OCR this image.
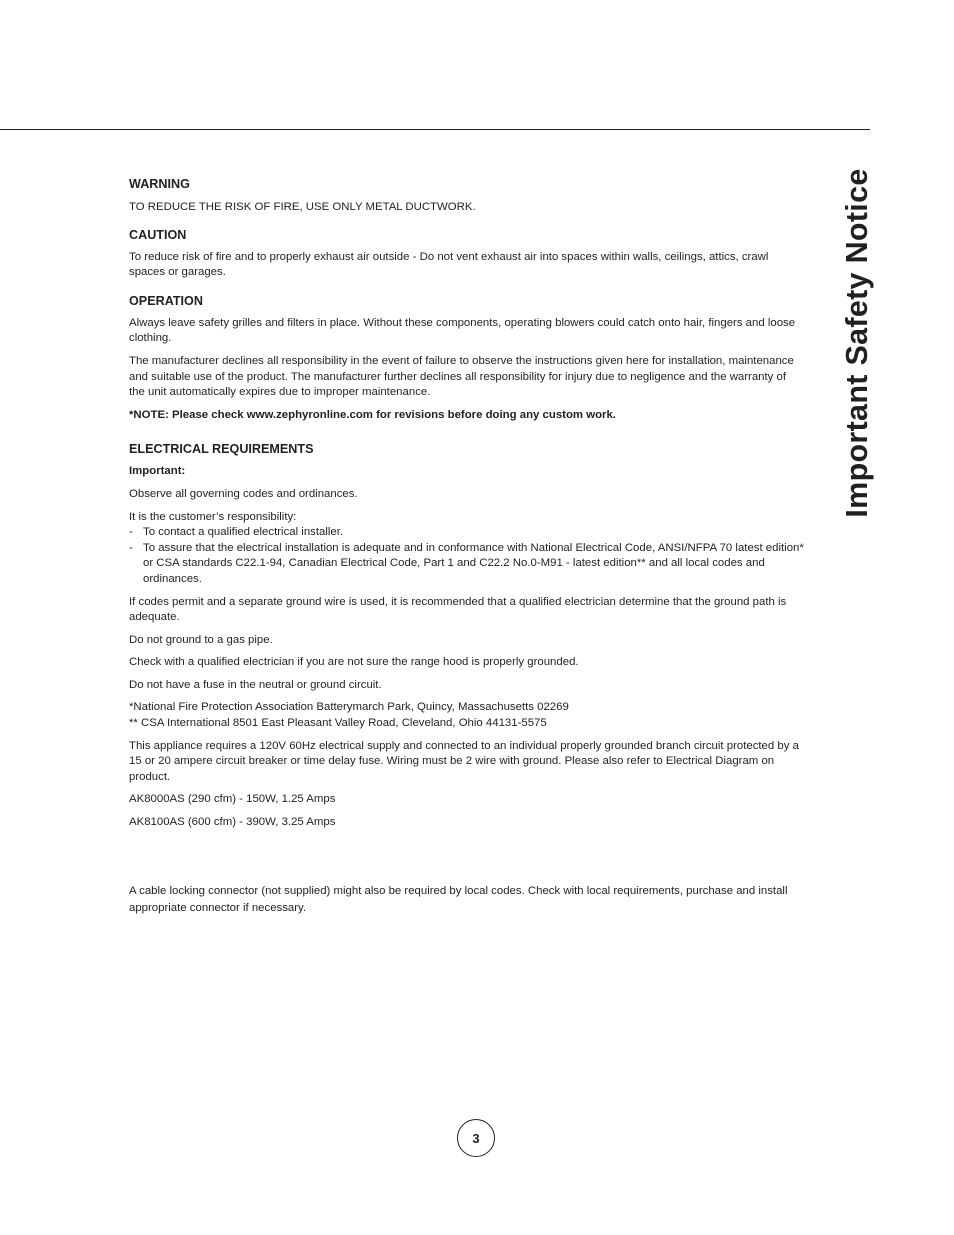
Important Safety Notice
WARNING

TO REDUCE THE RISK OF FIRE, USE ONLY METAL DUCTWORK.

CAUTION

To reduce risk of fire and to properly exhaust air outside - Do not vent exhaust air into spaces within walls, ceilings, attics, crawl spaces or garages.

OPERATION

Always leave safety grilles and filters in place. Without these components, operating blowers could catch onto hair, fingers and loose clothing.

The manufacturer declines all responsibility in the event of failure to observe the instructions given here for installation, maintenance and suitable use of the product. The manufacturer further declines all responsibility for injury due to negligence and the warranty of the unit automatically expires due to improper maintenance.

*NOTE: Please check www.zephyronline.com for revisions before doing any custom work.

ELECTRICAL REQUIREMENTS

Important:

Observe all governing codes and ordinances.

It is the customer’s responsibility:

- To contact a qualified electrical installer.
- To assure that the electrical installation is adequate and in conformance with National Electrical Code, ANSI/NFPA 70 latest edition* or CSA standards C22.1-94, Canadian Electrical Code, Part 1 and C22.2 No.0-M91 - latest edition** and all local codes and ordinances.

If codes permit and a separate ground wire is used, it is recommended that a qualified electrician determine that the ground path is adequate.

Do not ground to a gas pipe.

Check with a qualified electrician if you are not sure the range hood is properly grounded.

Do not have a fuse in the neutral or ground circuit.

*National Fire Protection Association Batterymarch Park, Quincy, Massachusetts 02269

** CSA International 8501 East Pleasant Valley Road, Cleveland, Ohio 44131-5575

This appliance requires a 120V 60Hz electrical supply and connected to an individual properly grounded branch circuit protected by a 15 or 20 ampere circuit breaker or time delay fuse. Wiring must be 2 wire with ground. Please also refer to Electrical Diagram on product.

AK8000AS (290 cfm) - 150W, 1.25 Amps

AK8100AS (600 cfm) - 390W, 3.25 Amps

A cable locking connector (not supplied) might also be required by local codes. Check with local requirements, purchase and install appropriate connector if necessary.

3
